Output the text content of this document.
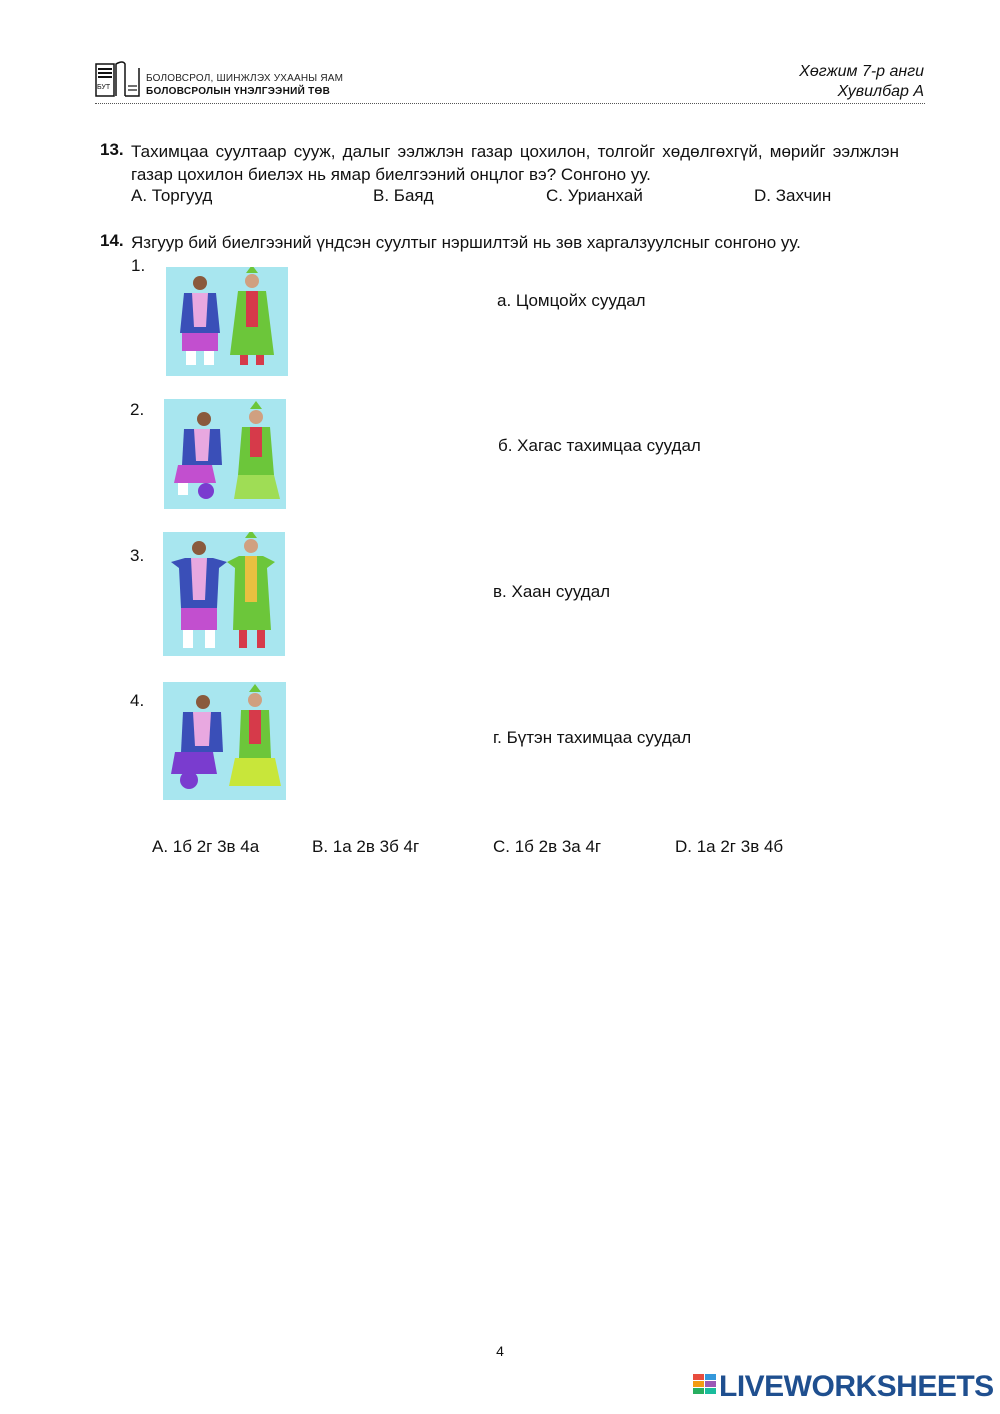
БУТ
БОЛОВСРОЛ, ШИНЖЛЭХ УХААНЫ ЯАМ
БОЛОВСРОЛЫН ҮНЭЛГЭЭНИЙ ТӨВ
Хөгжим 7-р анги
Хувилбар А
13. Тахимцаа суултаар сууж, далыг ээлжлэн газар цохилон, толгойг хөдөлгөхгүй, мөрийг ээлжлэн газар цохилон биелэх нь ямар биелгээний онцлог вэ? Сонгоно уу.
A. Торгууд	B. Баяд	C. Урианхай	D. Захчин
14. Язгуур бий биелгээний үндсэн суултыг нэршилтэй нь зөв харгалзуулсныг сонгоно уу.
1.
а. Цомцойх суудал
2.
б. Хагас тахимцаа суудал
3.
в. Хаан суудал
4.
г. Бүтэн тахимцаа суудал
A. 1б 2г 3в 4а	B. 1а 2в 3б 4г	C. 1б 2в 3а 4г	D. 1а 2г 3в 4б
4
LIVEWORKSHEETS
